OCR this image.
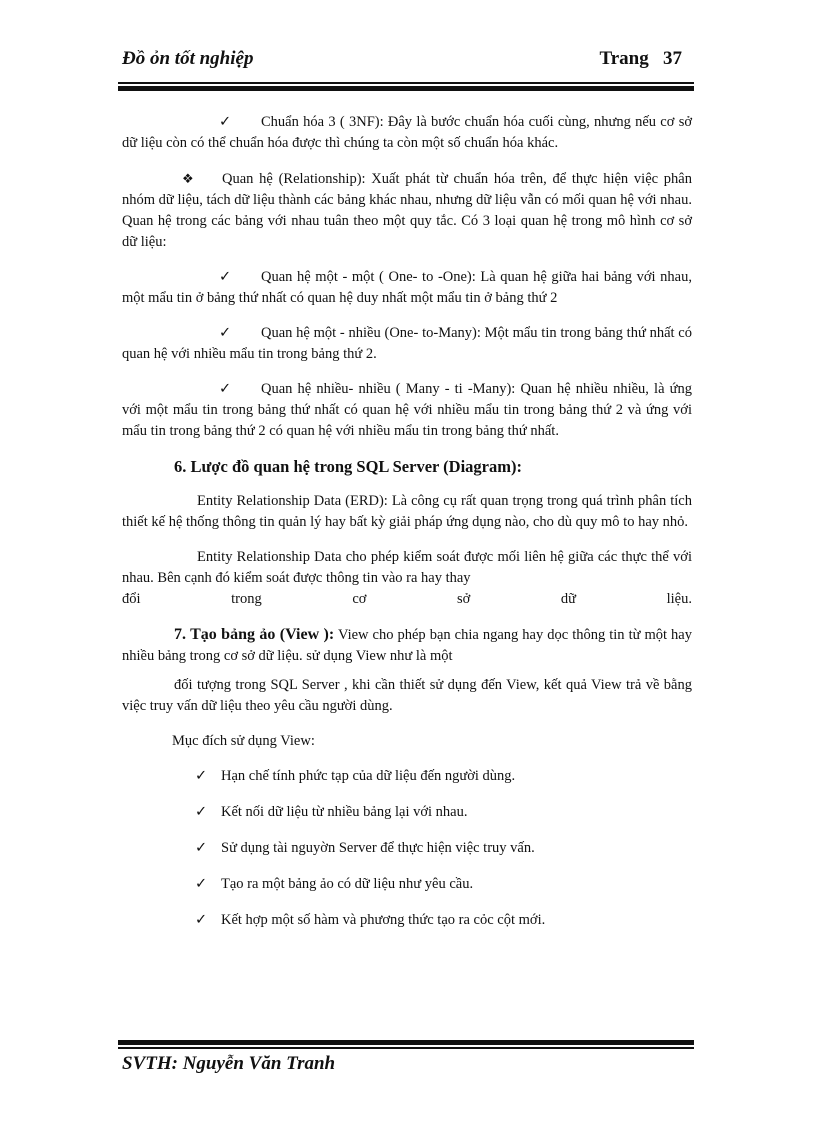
Đồ ỏn tốt nghiệp	Trang   37

✓ Chuẩn hóa 3 ( 3NF): Đây là bước chuẩn hóa cuối cùng, nhưng nếu cơ sở dữ liệu còn có thể chuẩn hóa được thì chúng ta còn một số chuẩn hóa khác.

❖ Quan hệ (Relationship): Xuất phát từ chuẩn hóa trên, để thực hiện việc phân nhóm dữ liệu, tách dữ liệu thành các bảng khác nhau, nhưng dữ liệu vẫn có mối quan hệ với nhau. Quan hệ trong các bảng với nhau tuân theo một quy tắc. Có 3 loại quan hệ trong mô hình cơ sở dữ liệu:

✓ Quan hệ một - một ( One- to -One): Là quan hệ giữa hai bảng với nhau, một mẩu tin ở bảng thứ nhất có quan hệ duy nhất một mẩu tin ở bảng thứ 2

✓ Quan hệ một - nhiều (One- to-Many): Một mẩu tin trong bảng thứ nhất có quan hệ với nhiều mẩu tin trong bảng thứ 2.

✓ Quan hệ nhiều- nhiều ( Many - ti -Many): Quan hệ nhiều nhiều, là ứng với một mẩu tin trong bảng thứ nhất có quan hệ với nhiều mẩu tin trong bảng thứ 2 và ứng với mẩu tin trong bảng thứ 2 có quan hệ với nhiều mẩu tin trong bảng thứ nhất.

6. Lược đồ quan hệ trong SQL Server (Diagram):

Entity Relationship Data (ERD): Là công cụ rất quan trọng trong quá trình phân tích thiết kế hệ thống thông tin quản lý hay bất kỳ giải pháp ứng dụng nào, cho dù quy mô to hay nhỏ.

Entity Relationship Data cho phép kiểm soát được mối liên hệ giữa các thực thể với nhau. Bên cạnh đó kiểm soát được thông tin vào ra hay thay

đổi trong cơ sở dữ liệu.

7. Tạo bảng ảo (View ): View cho phép bạn chia ngang hay dọc thông tin từ một hay nhiều bảng trong cơ sở dữ liệu. sử dụng View như là một

đối tượng trong SQL Server , khi cần thiết sử dụng đến View, kết quả View trả về bằng việc truy vấn dữ liệu theo yêu cầu người dùng.

Mục đích sử dụng View:

✓ Hạn chế tính phức tạp của dữ liệu đến người dùng.
✓ Kết nối dữ liệu từ nhiều bảng lại với nhau.
✓ Sử dụng tài nguyờn Server để thực hiện việc truy vấn.
✓ Tạo ra một bảng ảo có dữ liệu như yêu cầu.
✓ Kết hợp một số hàm và phương thức tạo ra cỏc cột mới.
SVTH: Nguyễn Văn Tranh
